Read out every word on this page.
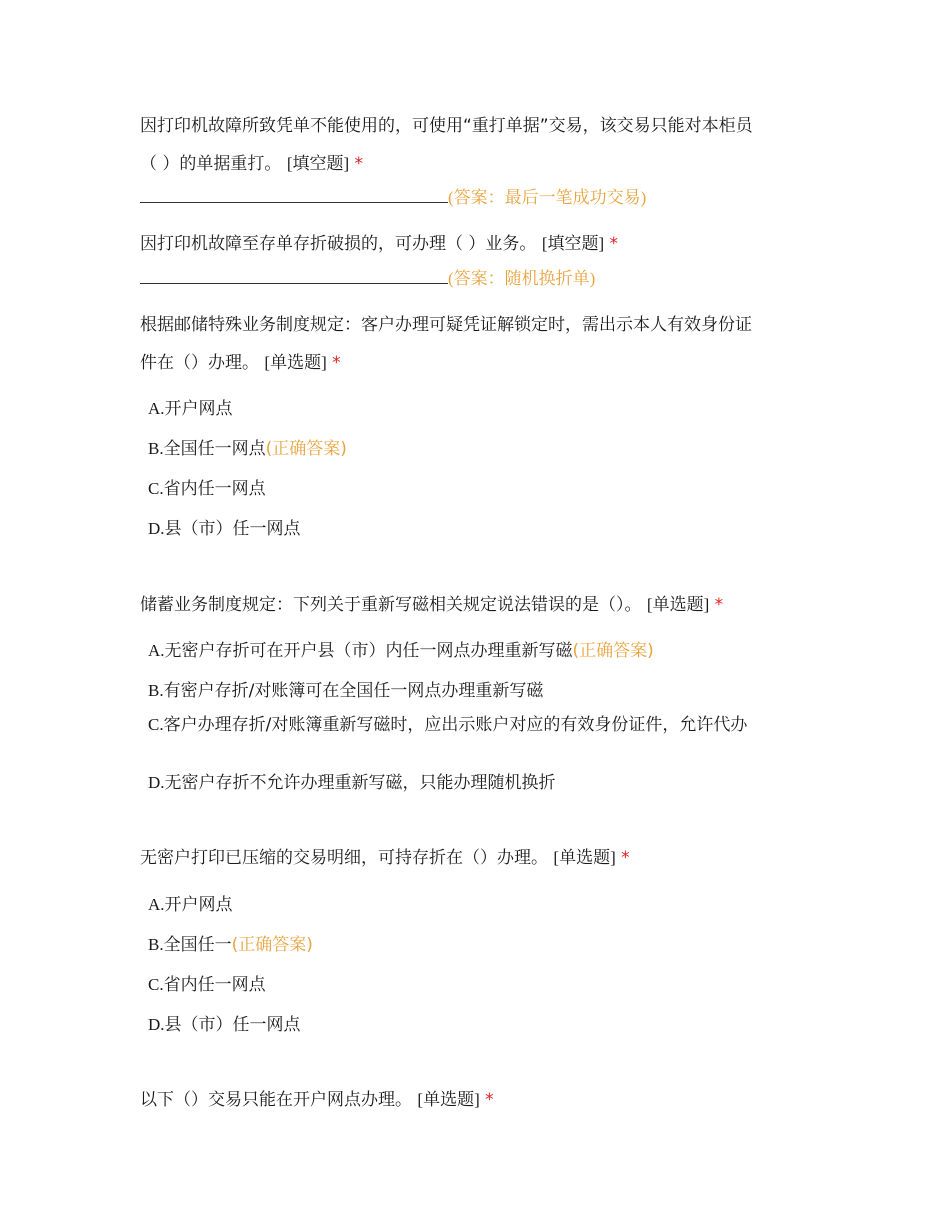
因打印机故障所致凭单不能使用的，可使用“重打单据”交易，该交易只能对本柜员
（ ）的单据重打。 [填空题] *
(答案：最后一笔成功交易)
因打印机故障至存单存折破损的，可办理（ ）业务。 [填空题] *
(答案：随机换折单)
根据邮储特殊业务制度规定：客户办理可疑凭证解锁定时，需出示本人有效身份证
件在（）办理。 [单选题] *
A.开户网点
B.全国任一网点(正确答案)
C.省内任一网点
D.县（市）任一网点
储蓄业务制度规定：下列关于重新写磁相关规定说法错误的是（）。 [单选题] *
A.无密户存折可在开户县（市）内任一网点办理重新写磁(正确答案)
B.有密户存折/对账簿可在全国任一网点办理重新写磁
C.客户办理存折/对账簿重新写磁时，应出示账户对应的有效身份证件，允许代办
D.无密户存折不允许办理重新写磁，只能办理随机换折
无密户打印已压缩的交易明细，可持存折在（）办理。 [单选题] *
A.开户网点
B.全国任一(正确答案)
C.省内任一网点
D.县（市）任一网点
以下（）交易只能在开户网点办理。 [单选题] *
